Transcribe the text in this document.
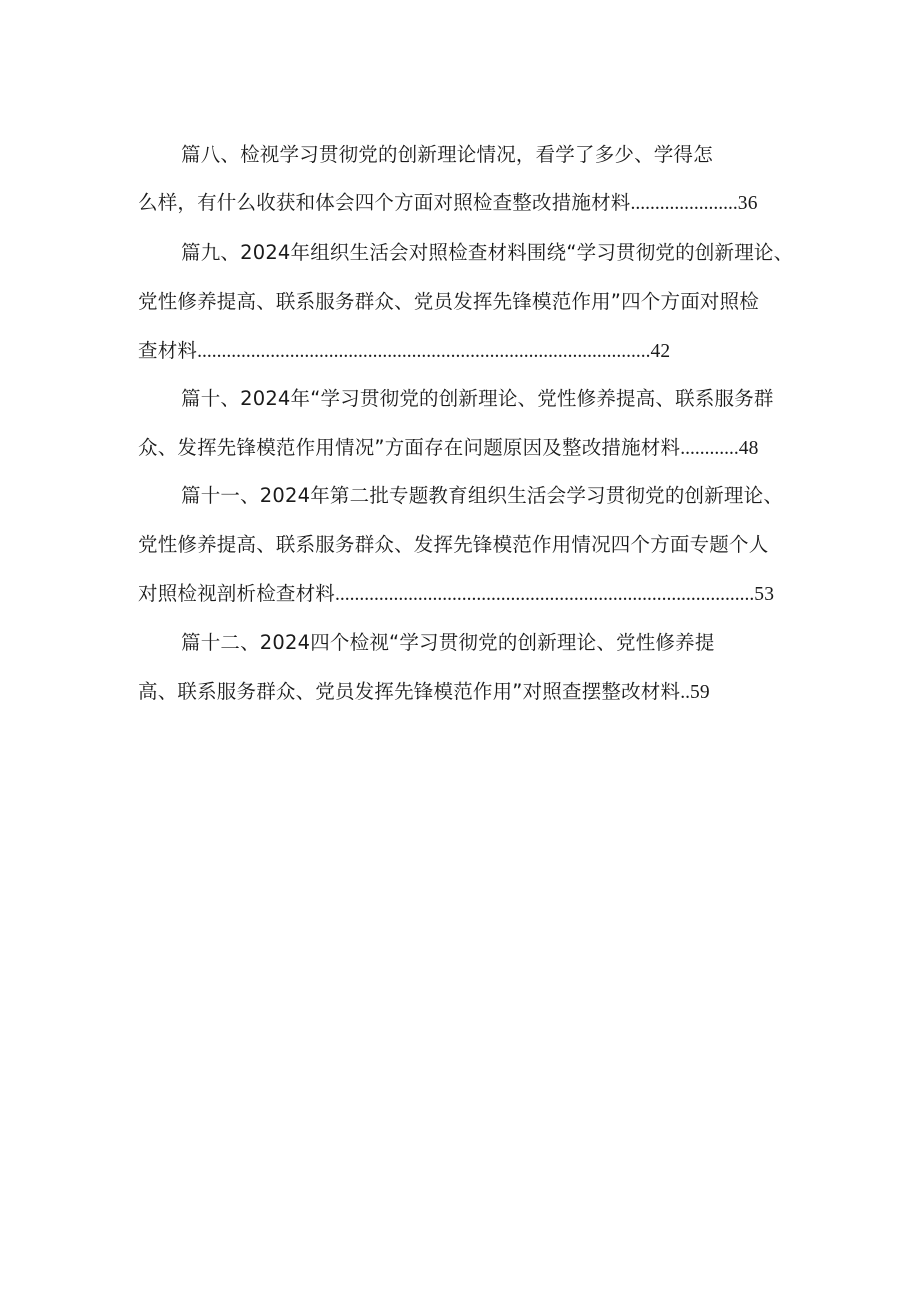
篇八、检视学习贯彻党的创新理论情况，看学了多少、学得怎
么样，有什么收获和体会四个方面对照检查整改措施材料......................36
篇九、2024年组织生活会对照检查材料围绕“学习贯彻党的创新理论、
党性修养提高、联系服务群众、党员发挥先锋模范作用”四个方面对照检
查材料.............................................................................................42
篇十、2024年“学习贯彻党的创新理论、党性修养提高、联系服务群
众、发挥先锋模范作用情况”方面存在问题原因及整改措施材料............48
篇十一、2024年第二批专题教育组织生活会学习贯彻党的创新理论、
党性修养提高、联系服务群众、发挥先锋模范作用情况四个方面专题个人
对照检视剖析检查材料......................................................................................53
篇十二、2024四个检视“学习贯彻党的创新理论、党性修养提
高、联系服务群众、党员发挥先锋模范作用”对照查摆整改材料..59
